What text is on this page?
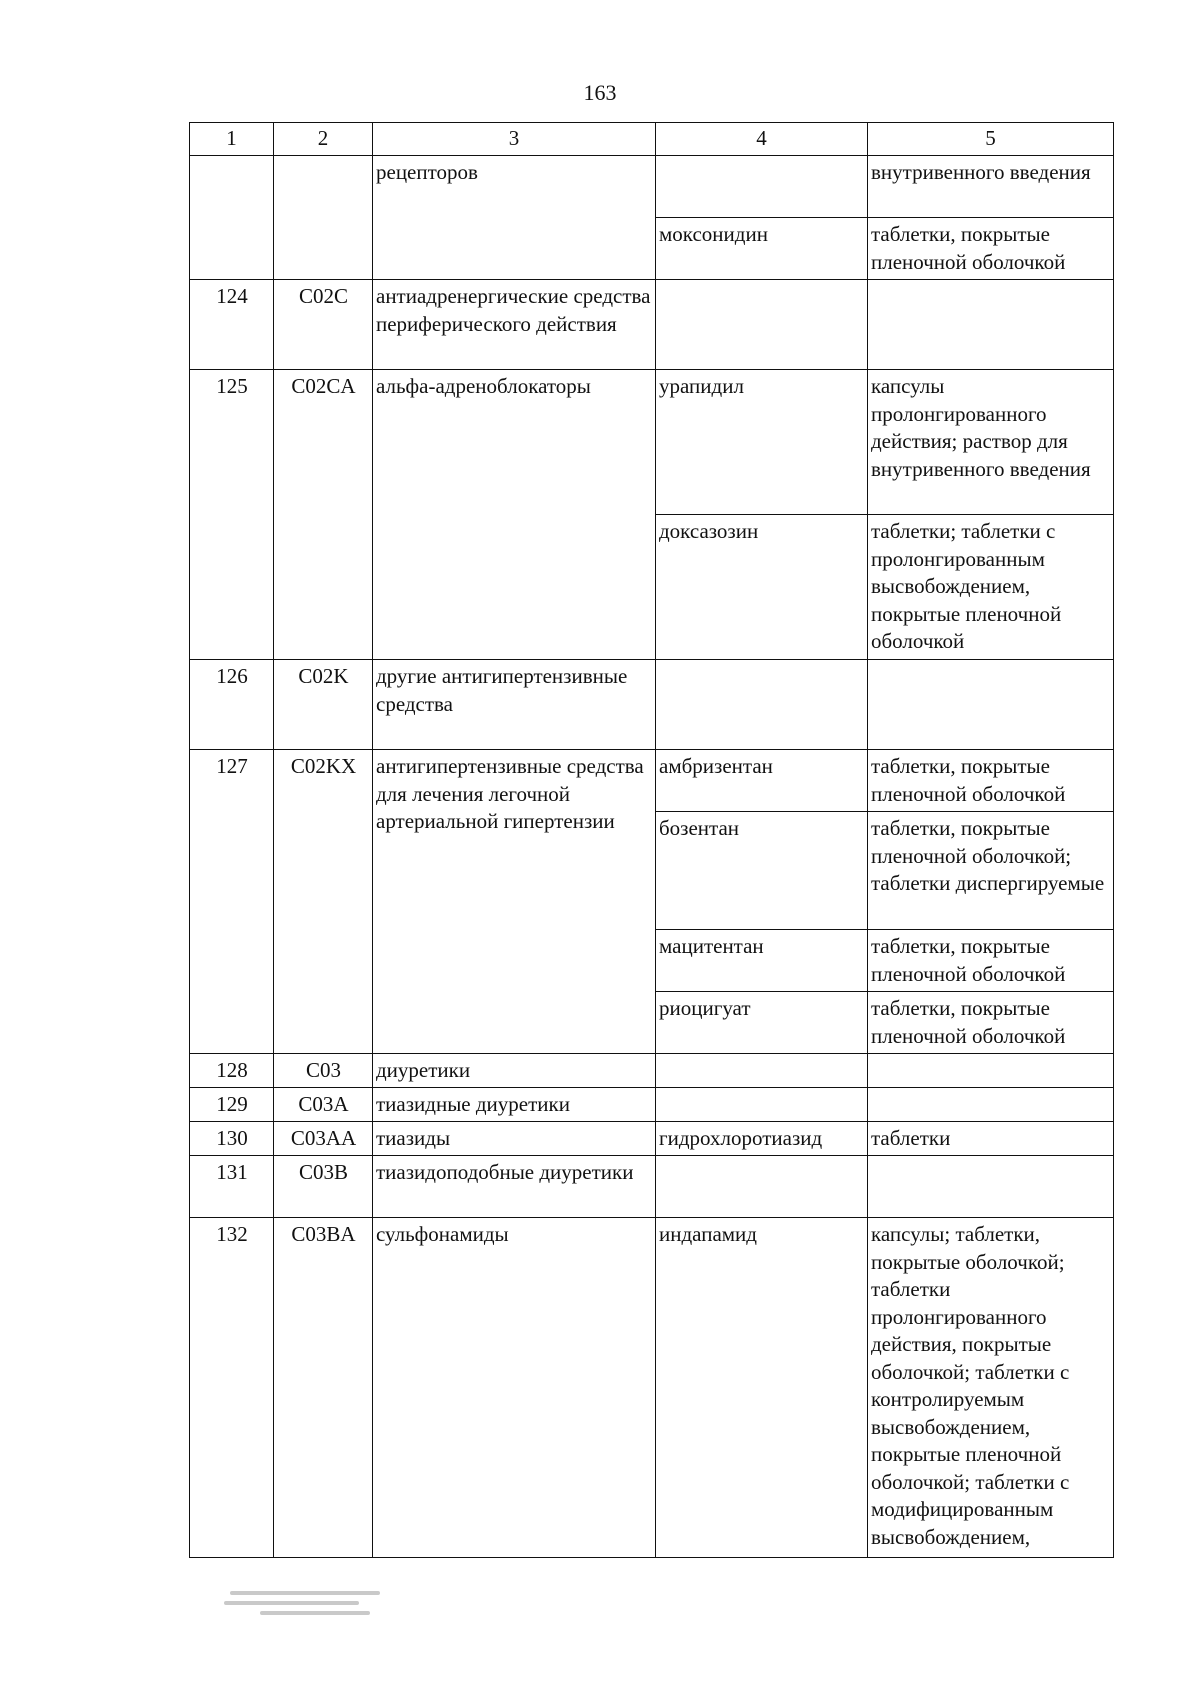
163
1	2	3	4	5
		рецепторов		внутривенного введения
			моксонидин	таблетки, покрытые пленочной оболочкой
124	C02C	антиадренергические средства периферического действия		
125	C02CA	альфа-адреноблокаторы	урапидил	капсулы пролонгированного действия; раствор для внутривенного введения
			доксазозин	таблетки; таблетки с пролонгированным высвобождением, покрытые пленочной оболочкой
126	C02K	другие антигипертензивные средства		
127	C02KX	антигипертензивные средства для лечения легочной артериальной гипертензии	амбризентан	таблетки, покрытые пленочной оболочкой
			бозентан	таблетки, покрытые пленочной оболочкой; таблетки диспергируемые
			мацитентан	таблетки, покрытые пленочной оболочкой
			риоцигуат	таблетки, покрытые пленочной оболочкой
128	C03	диуретики		
129	C03A	тиазидные диуретики		
130	C03AA	тиазиды	гидрохлоротиазид	таблетки
131	C03B	тиазидоподобные диуретики		
132	C03BA	сульфонамиды	индапамид	капсулы; таблетки, покрытые оболочкой; таблетки пролонгированного действия, покрытые оболочкой; таблетки с контролируемым высвобождением, покрытые пленочной оболочкой; таблетки с модифицированным высвобождением,
